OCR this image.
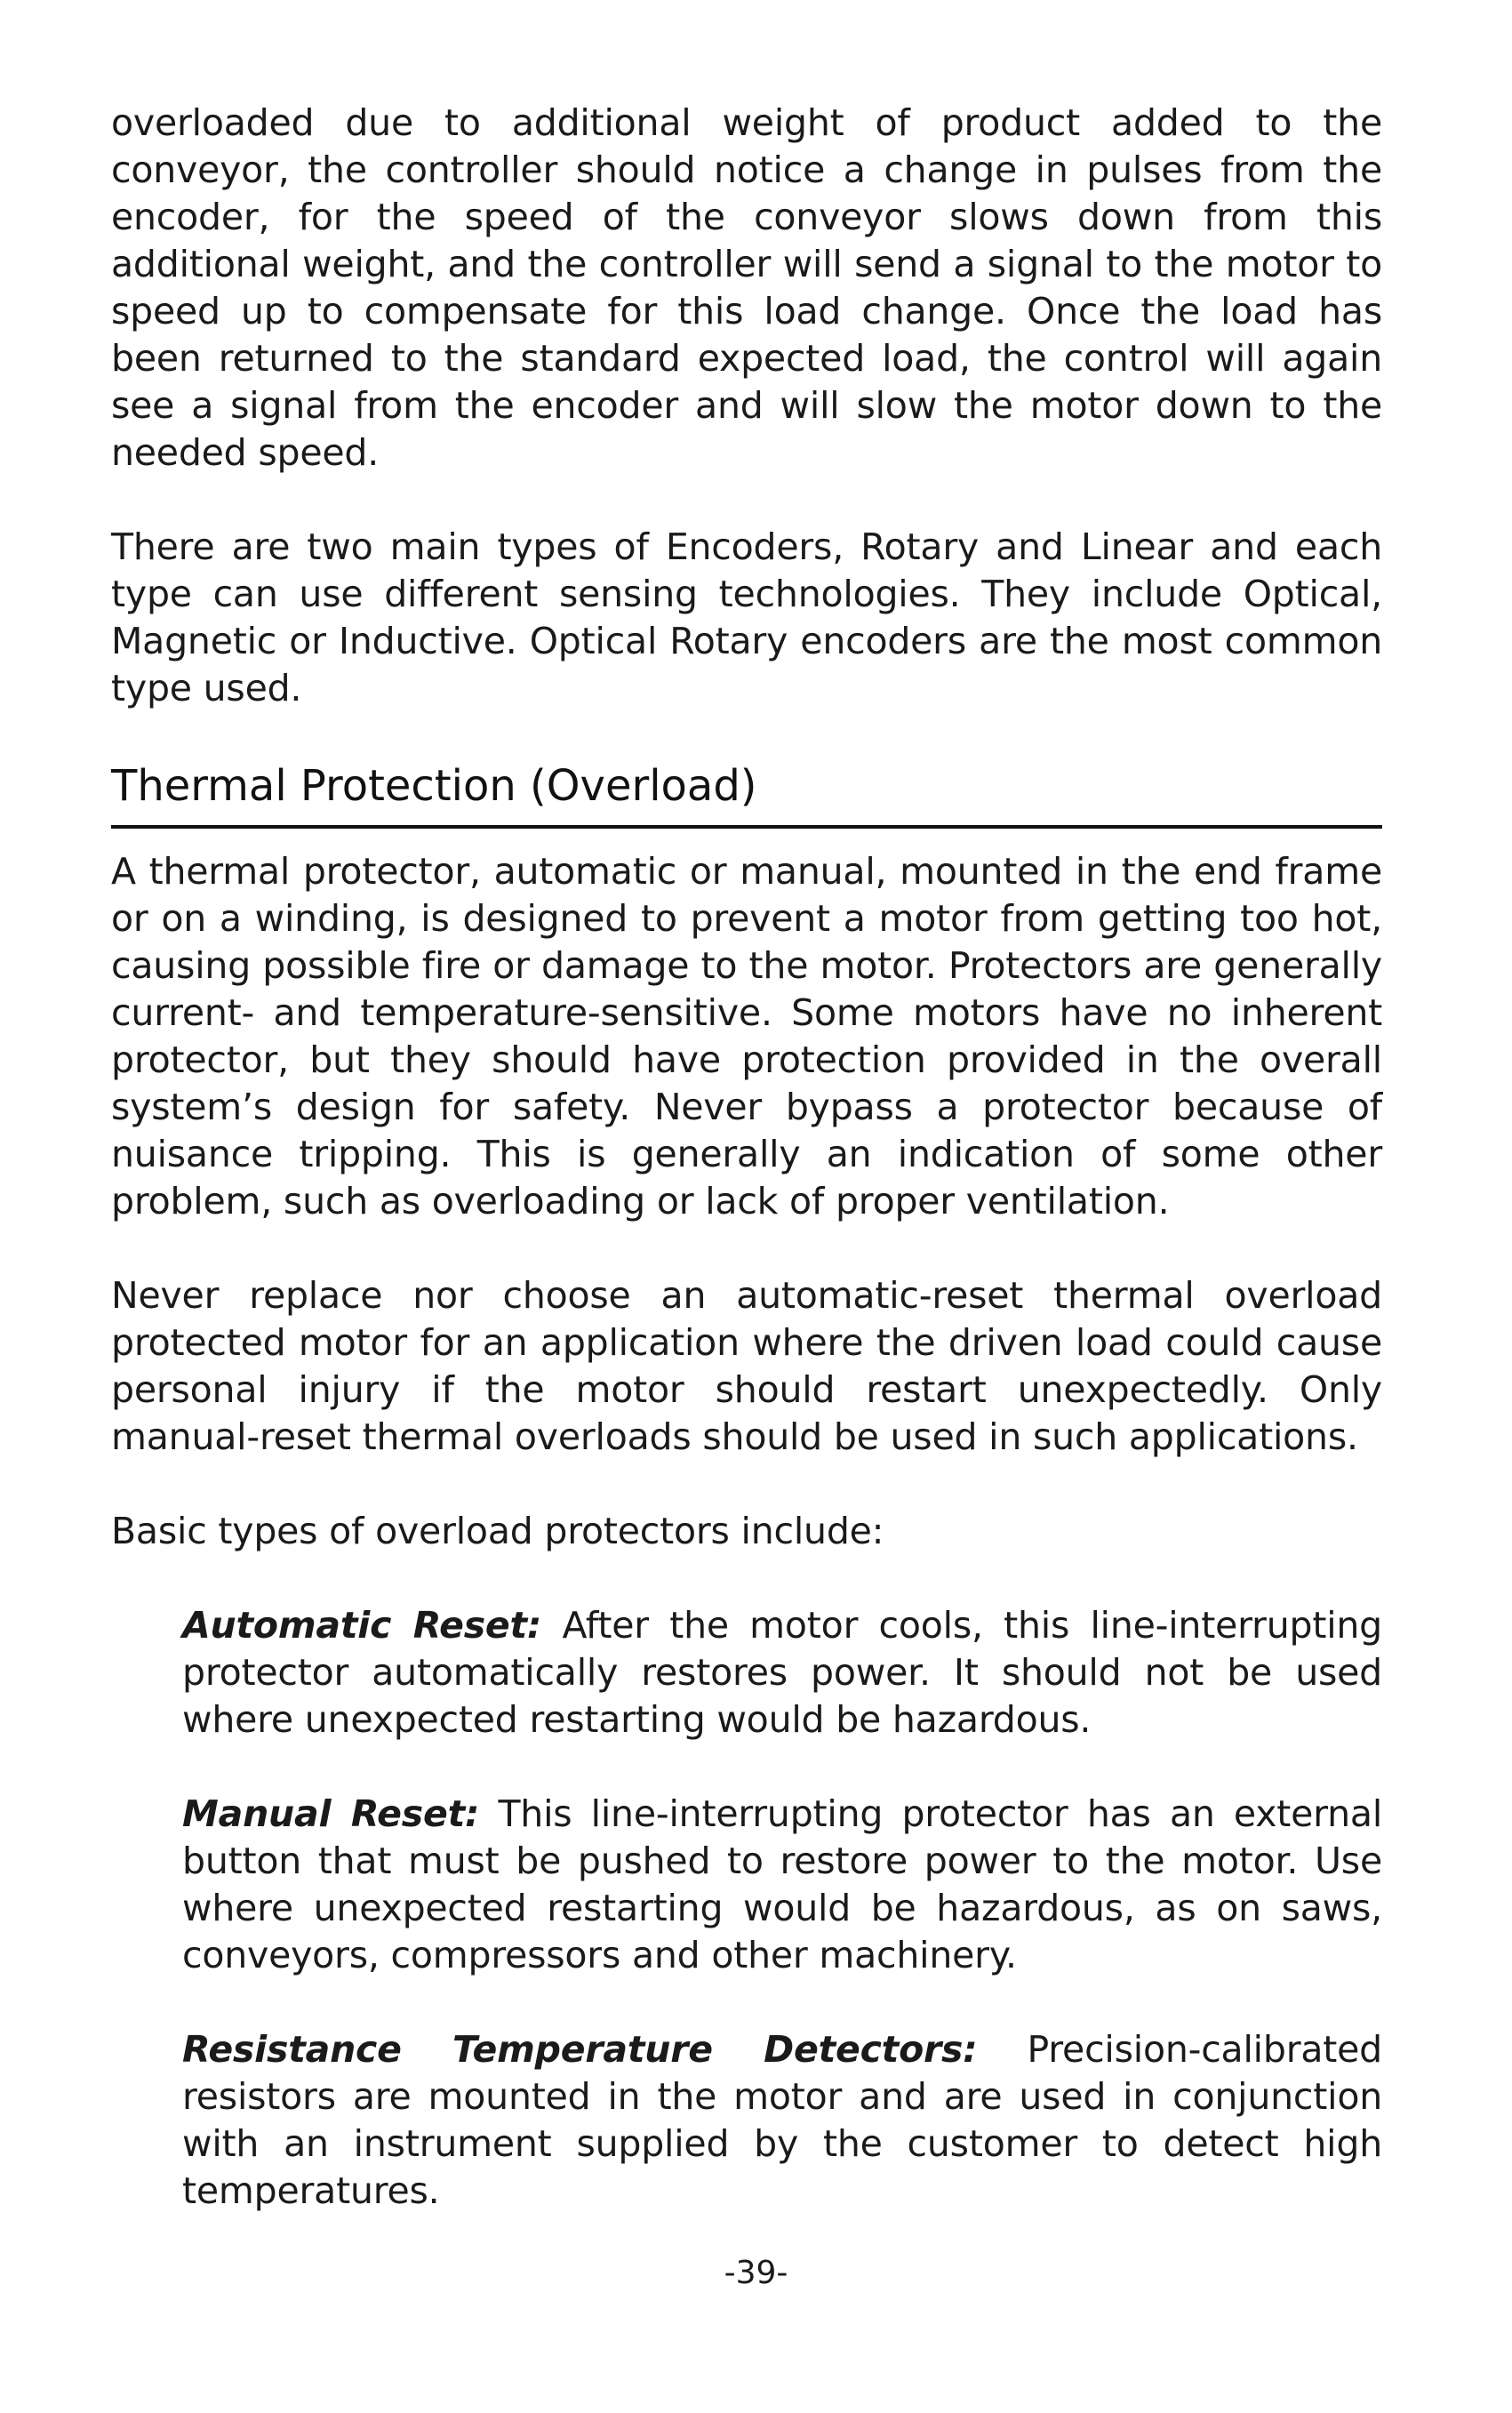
overloaded due to additional weight of product added to the conveyor, the controller should notice a change in pulses from the encoder, for the speed of the conveyor slows down from this additional weight, and the controller will send a signal to the motor to speed up to compensate for this load change. Once the load has been returned to the standard expected load, the control will again see a signal from the encoder and will slow the motor down to the needed speed.

There are two main types of Encoders, Rotary and Linear and each type can use different sensing technologies. They include Optical, Magnetic or Inductive. Optical Rotary encoders are the most common type used.

Thermal Protection (Overload)

A thermal protector, automatic or manual, mounted in the end frame or on a winding, is designed to prevent a motor from getting too hot, causing possible fire or damage to the motor. Protectors are generally current- and temperature-sensitive. Some motors have no inherent protector, but they should have protection provided in the overall system’s design for safety. Never bypass a protector because of nuisance tripping. This is generally an indication of some other problem, such as overloading or lack of proper ventilation.

Never replace nor choose an automatic-reset thermal overload protected motor for an application where the driven load could cause personal injury if the motor should restart unexpectedly. Only manual-reset thermal overloads should be used in such applications.

Basic types of overload protectors include:

Automatic Reset: After the motor cools, this line-interrupting protector automatically restores power. It should not be used where unexpected restarting would be hazardous.

Manual Reset: This line-interrupting protector has an external button that must be pushed to restore power to the motor. Use where unexpected restarting would be hazardous, as on saws, conveyors, compressors and other machinery.

Resistance Temperature Detectors: Precision-calibrated resistors are mounted in the motor and are used in conjunction with an instrument supplied by the customer to detect high temperatures.

-39-
